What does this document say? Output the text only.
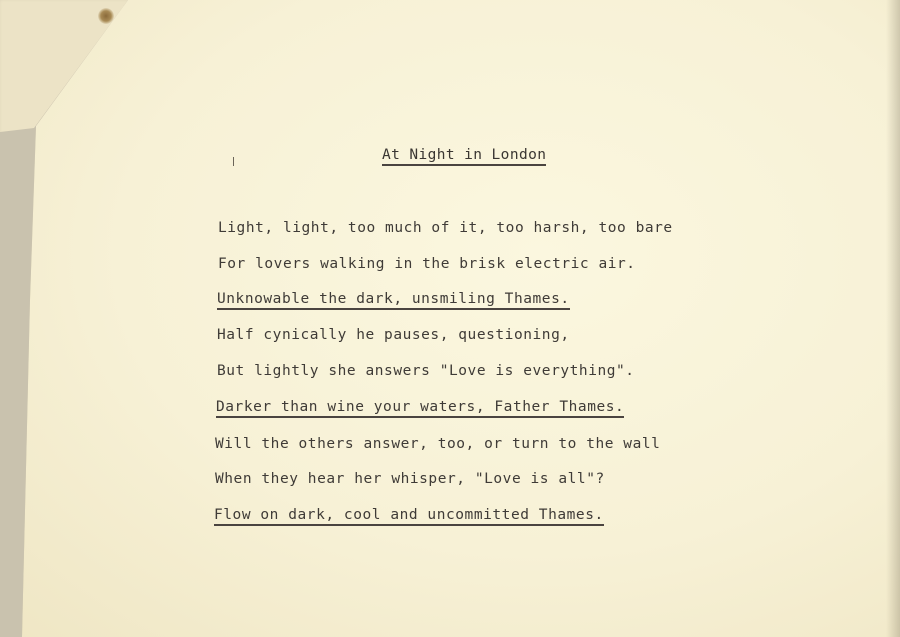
At Night in London
Light, light, too much of it, too harsh, too bare
For lovers walking in the brisk electric air.
Unknowable the dark, unsmiling Thames.
Half cynically he pauses, questioning,
But lightly she answers "Love is everything".
Darker than wine your waters, Father Thames.
Will the others answer, too, or turn to the wall
When they hear her whisper, "Love is all"?
Flow on dark, cool and uncommitted Thames.
